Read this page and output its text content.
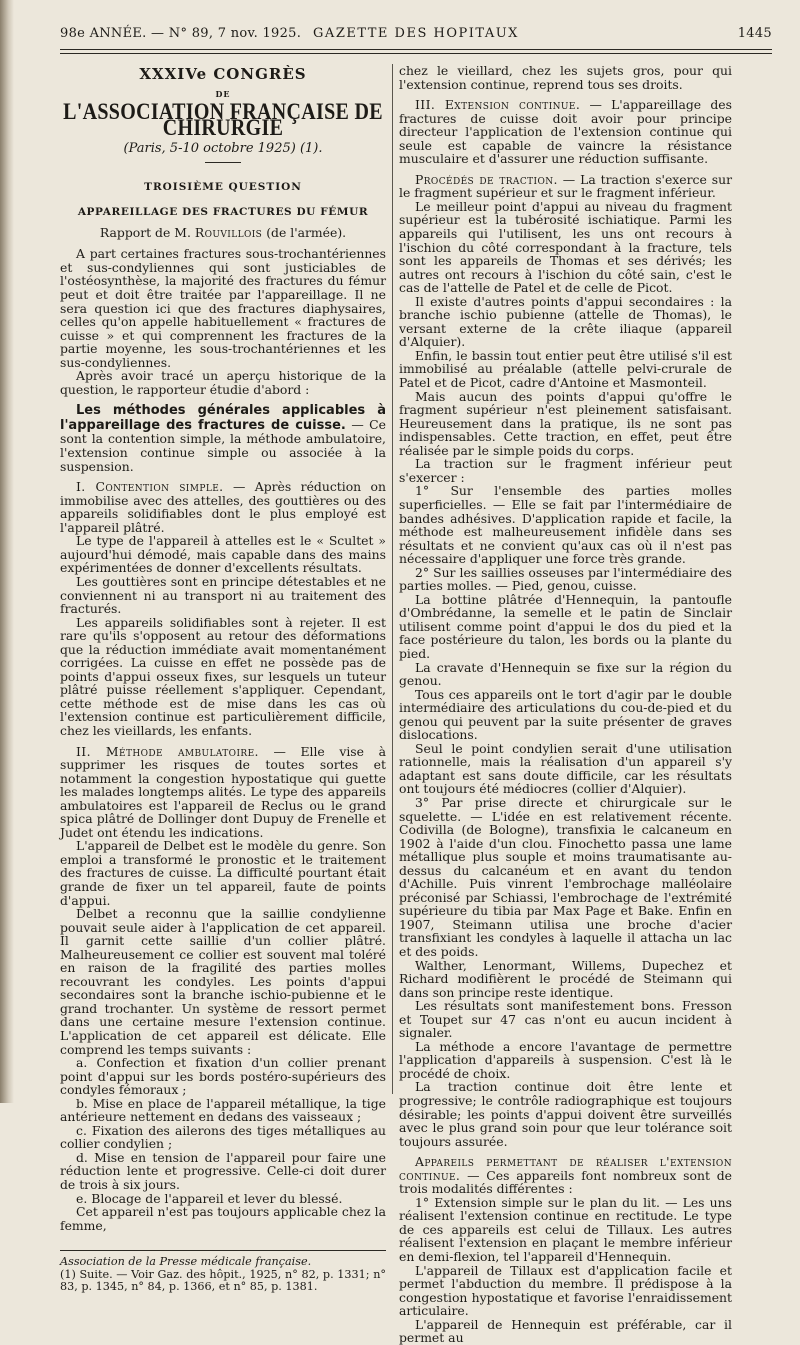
98e ANNÉE. — N° 89, 7 nov. 1925. GAZETTE DES HOPITAUX	1445
XXXIVe CONGRÈS
DE
L'ASSOCIATION FRANÇAISE DE CHIRURGIE
(Paris, 5-10 octobre 1925) (1).
TROISIÈME QUESTION
APPAREILLAGE DES FRACTURES DU FÉMUR
Rapport de M. Rouvillois (de l'armée).

A part certaines fractures sous-trochantériennes et sus-condyliennes qui sont justiciables de l'ostéosynthèse, la majorité des fractures du fémur peut et doit être traitée par l'appareillage. Il ne sera question ici que des fractures diaphysaires, celles qu'on appelle habituellement « fractures de cuisse » et qui comprennent les fractures de la partie moyenne, les sous-trochantériennes et les sus-condyliennes.

Après avoir tracé un aperçu historique de la question, le rapporteur étudie d'abord :

Les méthodes générales applicables à l'appareillage des fractures de cuisse. — Ce sont la contention simple, la méthode ambulatoire, l'extension continue simple ou associée à la suspension.

I. Contention simple. — Après réduction on immobilise avec des attelles, des gouttières ou des appareils solidifiables dont le plus employé est l'appareil plâtré.

Le type de l'appareil à attelles est le « Scultet » aujourd'hui démodé, mais capable dans des mains expérimentées de donner d'excellents résultats.

Les gouttières sont en principe détestables et ne conviennent ni au transport ni au traitement des fracturés.

Les appareils solidifiables sont à rejeter. Il est rare qu'ils s'opposent au retour des déformations que la réduction immédiate avait momentanément corrigées. La cuisse en effet ne possède pas de points d'appui osseux fixes, sur lesquels un tuteur plâtré puisse réellement s'appliquer. Cependant, cette méthode est de mise dans les cas où l'extension continue est particulièrement difficile, chez les vieillards, les enfants.

II. Méthode ambulatoire. — Elle vise à supprimer les risques de toutes sortes et notamment la congestion hypostatique qui guette les malades longtemps alités. Le type des appareils ambulatoires est l'appareil de Reclus ou le grand spica plâtré de Dollinger dont Dupuy de Frenelle et Judet ont étendu les indications.

L'appareil de Delbet est le modèle du genre. Son emploi a transformé le pronostic et le traitement des fractures de cuisse. La difficulté pourtant était grande de fixer un tel appareil, faute de points d'appui.

Delbet a reconnu que la saillie condylienne pouvait seule aider à l'application de cet appareil. Il garnit cette saillie d'un collier plâtré. Malheureusement ce collier est souvent mal toléré en raison de la fragilité des parties molles recouvrant les condyles. Les points d'appui secondaires sont la branche ischio-pubienne et le grand trochanter. Un système de ressort permet dans une certaine mesure l'extension continue. L'application de cet appareil est délicate. Elle comprend les temps suivants :

a. Confection et fixation d'un collier prenant point d'appui sur les bords postéro-supérieurs des condyles fémoraux ;

b. Mise en place de l'appareil métallique, la tige antérieure nettement en dedans des vaisseaux ;

c. Fixation des ailerons des tiges métalliques au collier condylien ;

d. Mise en tension de l'appareil pour faire une réduction lente et progressive. Celle-ci doit durer de trois à six jours.

e. Blocage de l'appareil et lever du blessé.

Cet appareil n'est pas toujours applicable chez la femme,

Association de la Presse médicale française.

(1) Suite. — Voir Gaz. des hôpit., 1925, n° 82, p. 1331; n° 83, p. 1345, n° 84, p. 1366, et n° 85, p. 1381.

chez le vieillard, chez les sujets gros, pour qui l'extension continue, reprend tous ses droits.

III. Extension continue. — L'appareillage des fractures de cuisse doit avoir pour principe directeur l'application de l'extension continue qui seule est capable de vaincre la résistance musculaire et d'assurer une réduction suffisante.

Procédés de traction. — La traction s'exerce sur le fragment supérieur et sur le fragment inférieur.

Le meilleur point d'appui au niveau du fragment supérieur est la tubérosité ischiatique. Parmi les appareils qui l'utilisent, les uns ont recours à l'ischion du côté correspondant à la fracture, tels sont les appareils de Thomas et ses dérivés; les autres ont recours à l'ischion du côté sain, c'est le cas de l'attelle de Patel et de celle de Picot.

Il existe d'autres points d'appui secondaires : la branche ischio pubienne (attelle de Thomas), le versant externe de la crête iliaque (appareil d'Alquier).

Enfin, le bassin tout entier peut être utilisé s'il est immobilisé au préalable (attelle pelvi-crurale de Patel et de Picot, cadre d'Antoine et Masmonteil.

Mais aucun des points d'appui qu'offre le fragment supérieur n'est pleinement satisfaisant. Heureusement dans la pratique, ils ne sont pas indispensables. Cette traction, en effet, peut être réalisée par le simple poids du corps.

La traction sur le fragment inférieur peut s'exercer :

1° Sur l'ensemble des parties molles superficielles. — Elle se fait par l'intermédiaire de bandes adhésives. D'application rapide et facile, la méthode est malheureusement infidèle dans ses résultats et ne convient qu'aux cas où il n'est pas nécessaire d'appliquer une force très grande.

2° Sur les saillies osseuses par l'intermédiaire des parties molles. — Pied, genou, cuisse.

La bottine plâtrée d'Hennequin, la pantoufle d'Ombrédanne, la semelle et le patin de Sinclair utilisent comme point d'appui le dos du pied et la face postérieure du talon, les bords ou la plante du pied.

La cravate d'Hennequin se fixe sur la région du genou.

Tous ces appareils ont le tort d'agir par le double intermédiaire des articulations du cou-de-pied et du genou qui peuvent par la suite présenter de graves dislocations.

Seul le point condylien serait d'une utilisation rationnelle, mais la réalisation d'un appareil s'y adaptant est sans doute difficile, car les résultats ont toujours été médiocres (collier d'Alquier).

3° Par prise directe et chirurgicale sur le squelette. — L'idée en est relativement récente. Codivilla (de Bologne), transfixia le calcaneum en 1902 à l'aide d'un clou. Finochetto passa une lame métallique plus souple et moins traumatisante au-dessus du calcanéum et en avant du tendon d'Achille. Puis vinrent l'embrochage malléolaire préconisé par Schiassi, l'embrochage de l'extrémité supérieure du tibia par Max Page et Bake. Enfin en 1907, Steimann utilisa une broche d'acier transfixiant les condyles à laquelle il attacha un lac et des poids.

Walther, Lenormant, Willems, Dupechez et Richard modifièrent le procédé de Steimann qui dans son principe reste identique.

Les résultats sont manifestement bons. Fresson et Toupet sur 47 cas n'ont eu aucun incident à signaler.

La méthode a encore l'avantage de permettre l'application d'appareils à suspension. C'est là le procédé de choix.

La traction continue doit être lente et progressive; le contrôle radiographique est toujours désirable; les points d'appui doivent être surveillés avec le plus grand soin pour que leur tolérance soit toujours assurée.

Appareils permettant de réaliser l'extension continue. — Ces appareils font nombreux sont de trois modalités différentes :

1° Extension simple sur le plan du lit. — Les uns réalisent l'extension continue en rectitude. Le type de ces appareils est celui de Tillaux. Les autres réalisent l'extension en plaçant le membre inférieur en demi-flexion, tel l'appareil d'Hennequin.

L'appareil de Tillaux est d'application facile et permet l'abduction du membre. Il prédispose à la congestion hypostatique et favorise l'enraidissement articulaire.

L'appareil de Hennequin est préférable, car il permet au
